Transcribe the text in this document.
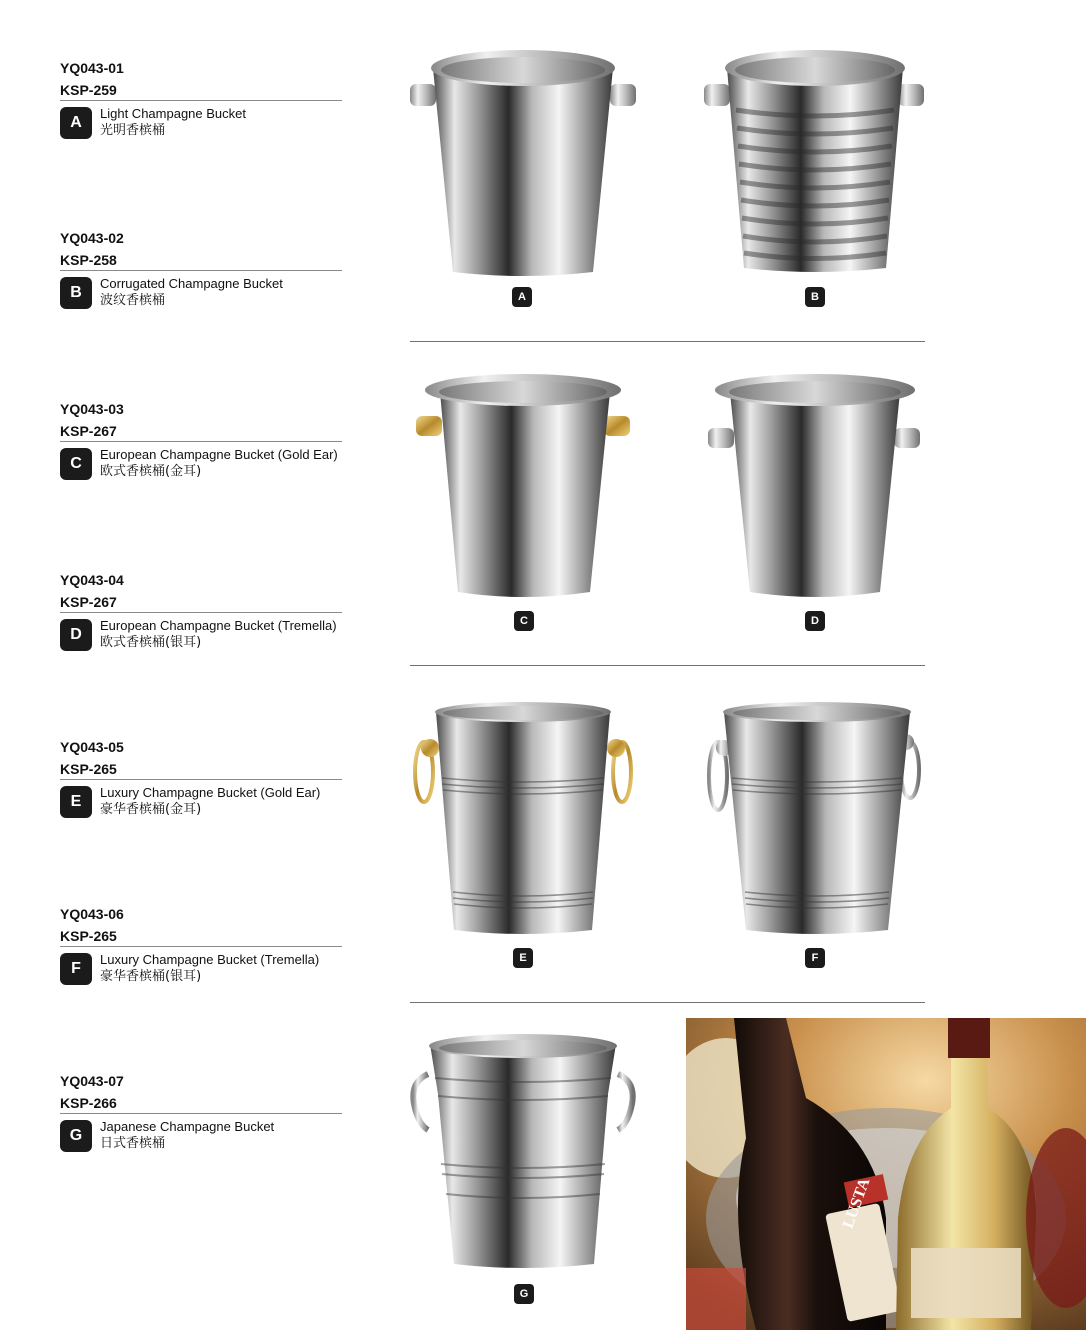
YQ043-01
KSP-259
A
Light Champagne Bucket
光明香槟桶
YQ043-02
KSP-258
B
Corrugated Champagne Bucket
波纹香槟桶
YQ043-03
KSP-267
C
European Champagne Bucket (Gold Ear)
欧式香槟桶(金耳)
YQ043-04
KSP-267
D
European Champagne Bucket (Tremella)
欧式香槟桶(银耳)
YQ043-05
KSP-265
E
Luxury Champagne Bucket (Gold Ear)
豪华香槟桶(金耳)
YQ043-06
KSP-265
F
Luxury Champagne Bucket (Tremella)
豪华香槟桶(银耳)
YQ043-07
KSP-266
G
Japanese Champagne Bucket
日式香槟桶
A	B
C	D
E	F
G
LUSTA
